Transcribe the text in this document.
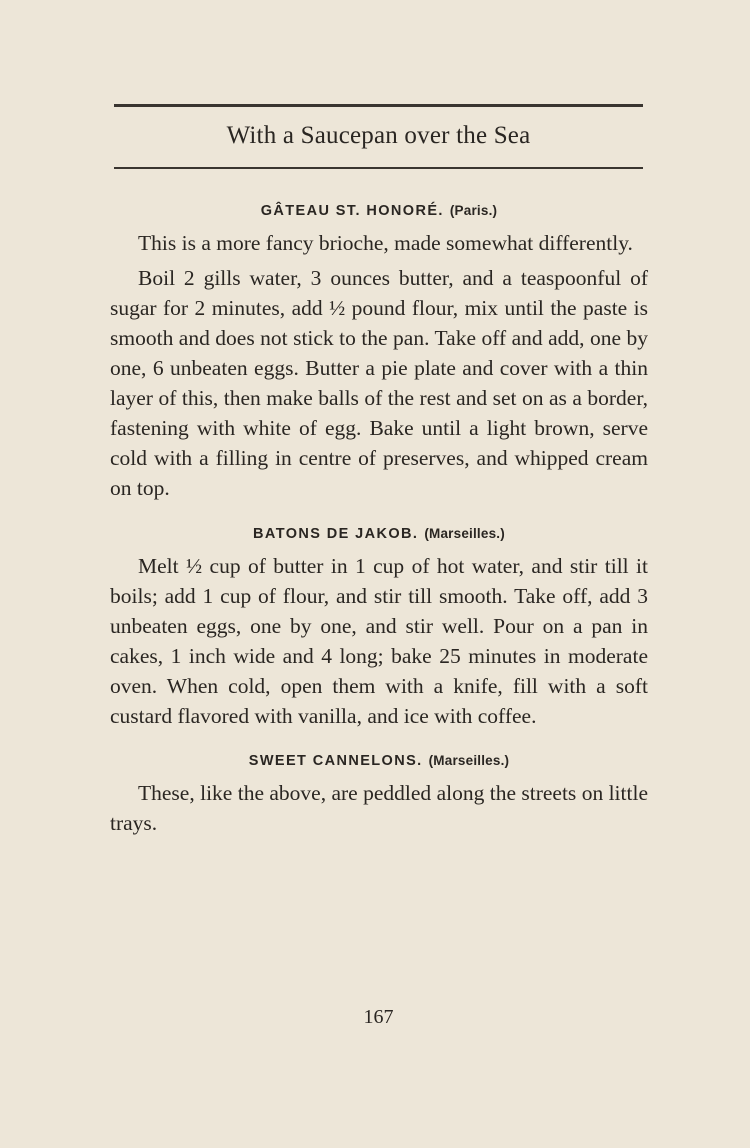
With a Saucepan over the Sea

GÂTEAU ST. HONORÉ. (Paris.)

This is a more fancy brioche, made somewhat differently.

Boil 2 gills water, 3 ounces butter, and a teaspoonful of sugar for 2 minutes, add ½ pound flour, mix until the paste is smooth and does not stick to the pan. Take off and add, one by one, 6 unbeaten eggs. Butter a pie plate and cover with a thin layer of this, then make balls of the rest and set on as a border, fastening with white of egg. Bake until a light brown, serve cold with a filling in centre of preserves, and whipped cream on top.

BATONS DE JAKOB. (Marseilles.)

Melt ½ cup of butter in 1 cup of hot water, and stir till it boils; add 1 cup of flour, and stir till smooth. Take off, add 3 unbeaten eggs, one by one, and stir well. Pour on a pan in cakes, 1 inch wide and 4 long; bake 25 minutes in moderate oven. When cold, open them with a knife, fill with a soft custard flavored with vanilla, and ice with coffee.

SWEET CANNELONS. (Marseilles.)

These, like the above, are peddled along the streets on little trays.

167
